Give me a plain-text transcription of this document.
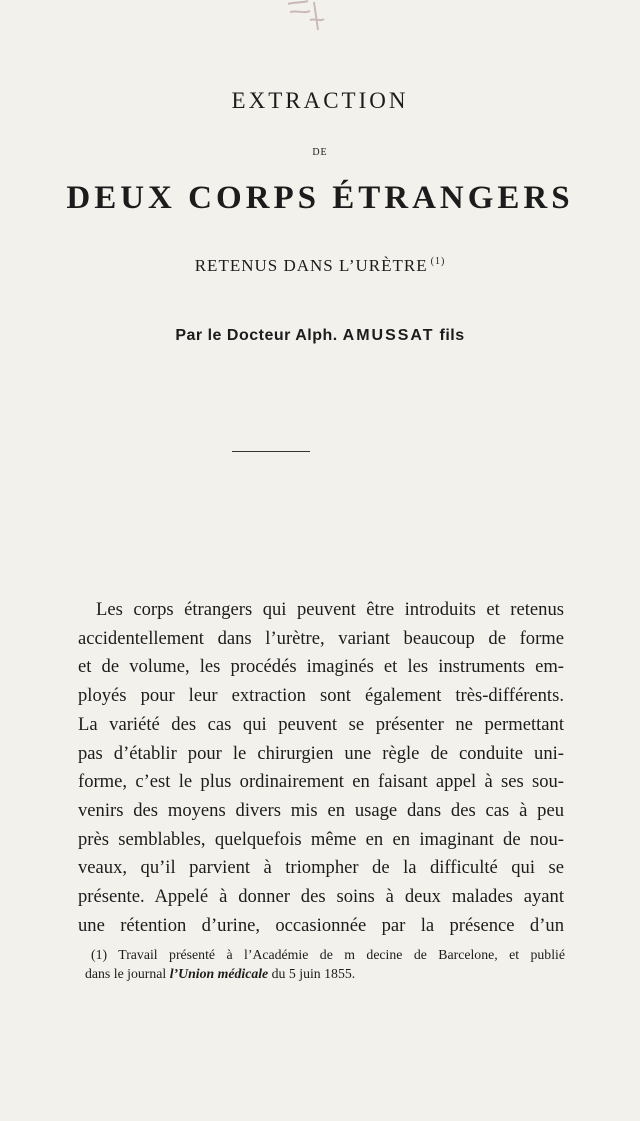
EXTRACTION
DE
DEUX CORPS ÉTRANGERS
RETENUS DANS L’URÈTRE $^{(1)}$
Par le Docteur Alph. AMUSSAT fils
Les corps étrangers qui peuvent être introduits et retenus
accidentellement dans l’urètre, variant beaucoup de forme
et de volume, les procédés imaginés et les instruments em-
ployés pour leur extraction sont également très-différents.
La variété des cas qui peuvent se présenter ne permettant
pas d’établir pour le chirurgien une règle de conduite uni-
forme, c’est le plus ordinairement en faisant appel à ses sou-
venirs des moyens divers mis en usage dans des cas à peu
près semblables, quelquefois même en en imaginant de nou-
veaux, qu’il parvient à triompher de la difficulté qui se
présente. Appelé à donner des soins à deux malades ayant
une rétention d’urine, occasionnée par la présence d’un
(1) Travail présenté à l’Académie de m decine de Barcelone, et publié
dans le journal l’Union médicale du 5 juin 1855.
